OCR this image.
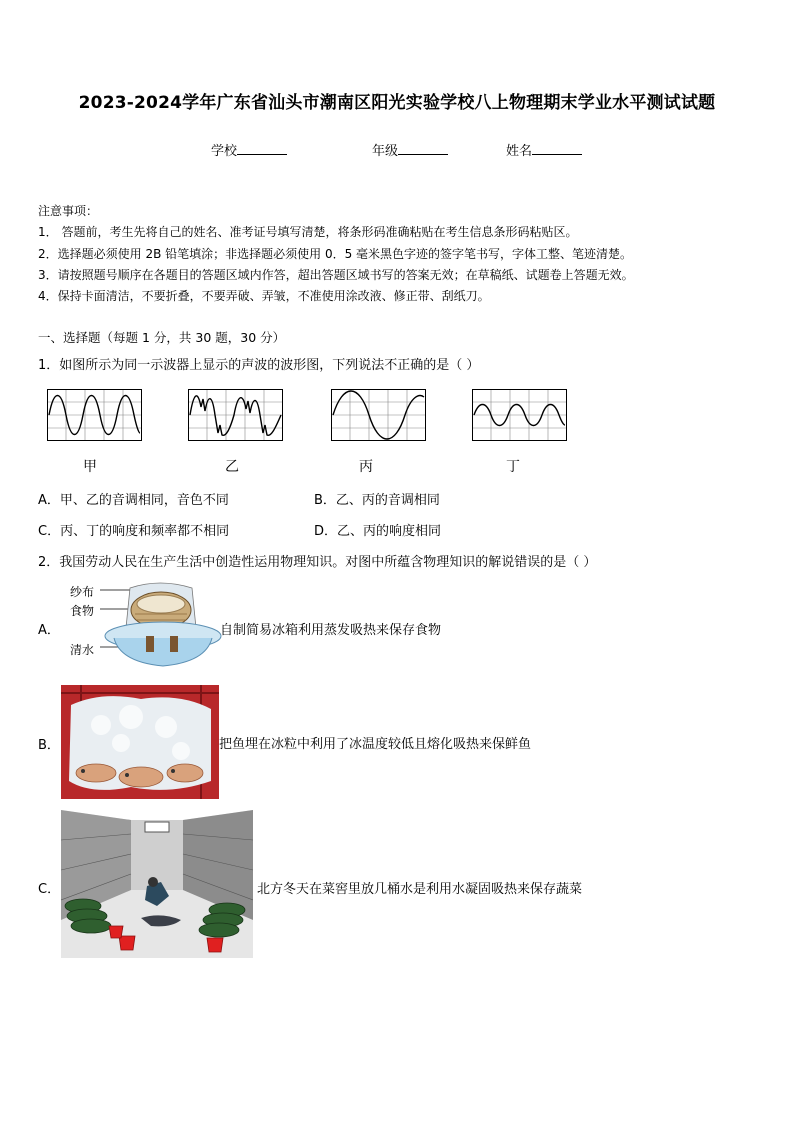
2023-2024学年广东省汕头市潮南区阳光实验学校八上物理期末学业水平测试试题
学校	年级	姓名
注意事项：
1． 答题前，考生先将自己的姓名、准考证号填写清楚，将条形码准确粘贴在考生信息条形码粘贴区。
2．选择题必须使用 2B 铅笔填涂；非选择题必须使用 0．5 毫米黑色字迹的签字笔书写，字体工整、笔迹清楚。
3．请按照题号顺序在各题目的答题区域内作答，超出答题区域书写的答案无效；在草稿纸、试题卷上答题无效。
4．保持卡面清洁，不要折叠，不要弄破、弄皱，不准使用涂改液、修正带、刮纸刀。
一、选择题（每题 1 分，共 30 题，30 分）
1．如图所示为同一示波器上显示的声波的波形图，下列说法不正确的是（ ）
甲	乙	丙	丁
A．甲、乙的音调相同，音色不同	B．乙、丙的音调相同
C．丙、丁的响度和频率都不相同	D．乙、丙的响度相同
2．我国劳动人民在生产生活中创造性运用物理知识。对图中所蕴含物理知识的解说错误的是（ ）
A．
纱布
食物
清水
自制简易冰箱利用蒸发吸热来保存食物
B．	把鱼埋在冰粒中利用了冰温度较低且熔化吸热来保鲜鱼
C．	北方冬天在菜窖里放几桶水是利用水凝固吸热来保存蔬菜
